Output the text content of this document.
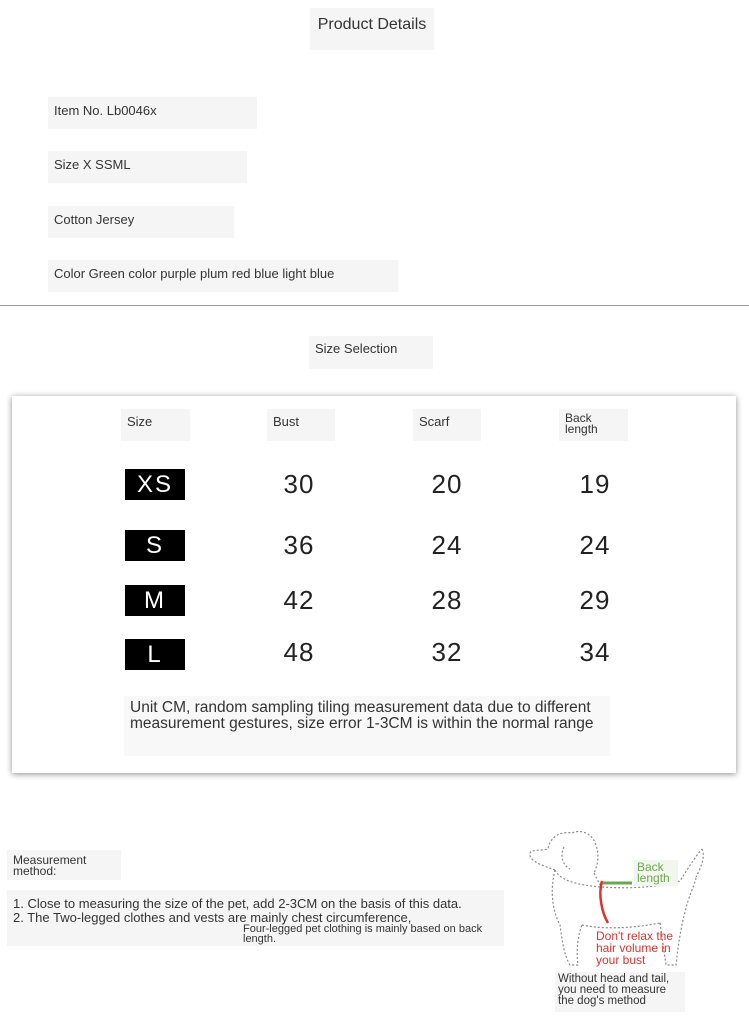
Product Details
Item No. Lb0046x
Size X SSML
Cotton Jersey
Color Green color purple plum red blue light blue
Size Selection
Size	Bust	Scarf	Back length
XS	30	20	19
S	36	24	24
M	42	28	29
L	48	32	34
Unit CM, random sampling tiling measurement data due to different measurement gestures, size error 1-3CM is within the normal range
Measurement method:
1. Close to measuring the size of the pet, add 2-3CM on the basis of this data.
2. The Two-legged clothes and vests are mainly chest circumference,
Four-legged pet clothing is mainly based on back length.
Back length
Don't relax the hair volume in your bust
Without head and tail, you need to measure the dog's method
